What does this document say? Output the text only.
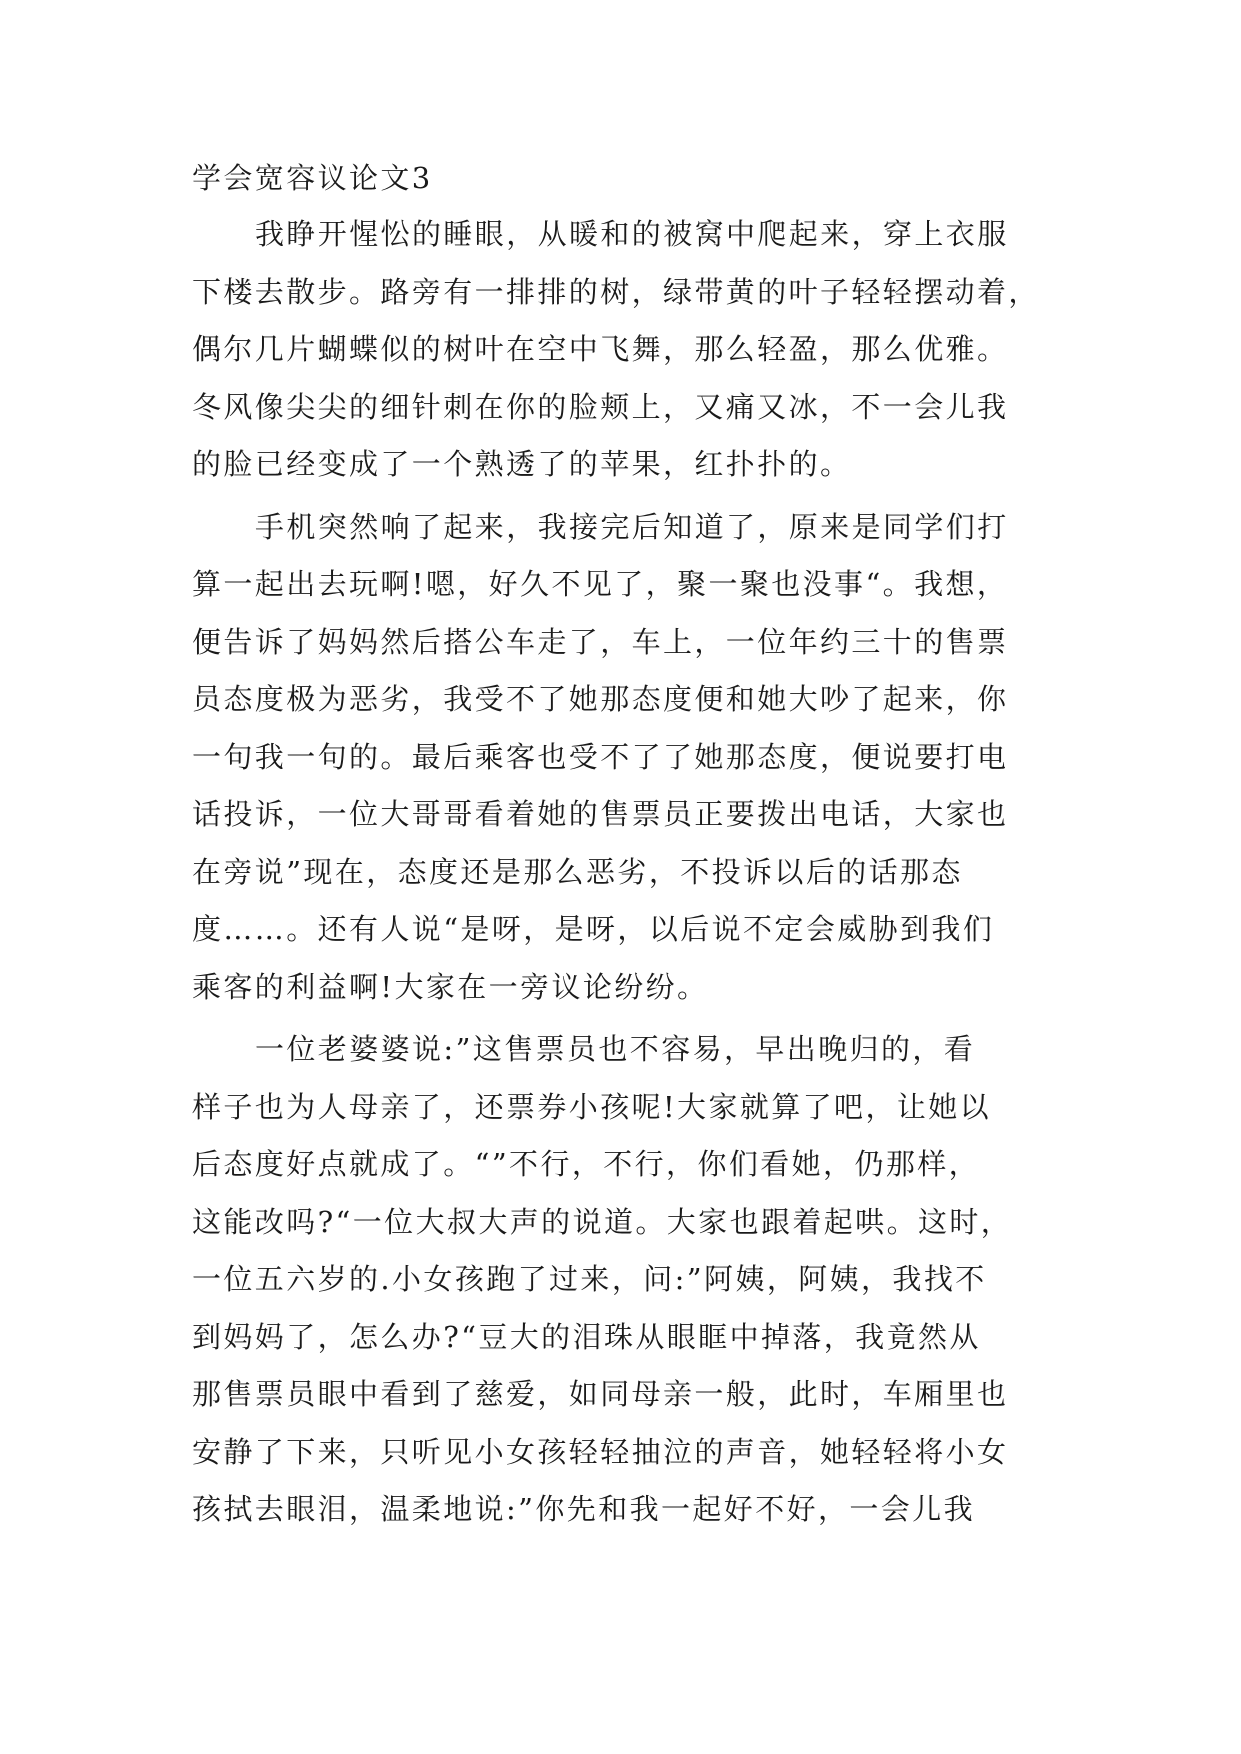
学会宽容议论文3

我睁开惺忪的睡眼，从暖和的被窝中爬起来，穿上衣服
下楼去散步。路旁有一排排的树，绿带黄的叶子轻轻摆动着，
偶尔几片蝴蝶似的树叶在空中飞舞，那么轻盈，那么优雅。
冬风像尖尖的细针刺在你的脸颊上，又痛又冰，不一会儿我
的脸已经变成了一个熟透了的苹果，红扑扑的。
手机突然响了起来，我接完后知道了，原来是同学们打
算一起出去玩啊!嗯，好久不见了，聚一聚也没事“。我想，
便告诉了妈妈然后搭公车走了，车上，一位年约三十的售票
员态度极为恶劣，我受不了她那态度便和她大吵了起来，你
一句我一句的。最后乘客也受不了了她那态度，便说要打电
话投诉，一位大哥哥看着她的售票员正要拨出电话，大家也
在旁说”现在，态度还是那么恶劣，不投诉以后的话那态
度……。还有人说“是呀，是呀，以后说不定会威胁到我们
乘客的利益啊!大家在一旁议论纷纷。
一位老婆婆说:”这售票员也不容易，早出晚归的，看
样子也为人母亲了，还票券小孩呢!大家就算了吧，让她以
后态度好点就成了。“”不行，不行，你们看她，仍那样，
这能改吗?“一位大叔大声的说道。大家也跟着起哄。这时，
一位五六岁的.小女孩跑了过来，问:”阿姨，阿姨，我找不
到妈妈了，怎么办?“豆大的泪珠从眼眶中掉落，我竟然从
那售票员眼中看到了慈爱，如同母亲一般，此时，车厢里也
安静了下来，只听见小女孩轻轻抽泣的声音，她轻轻将小女
孩拭去眼泪，温柔地说:”你先和我一起好不好，一会儿我
